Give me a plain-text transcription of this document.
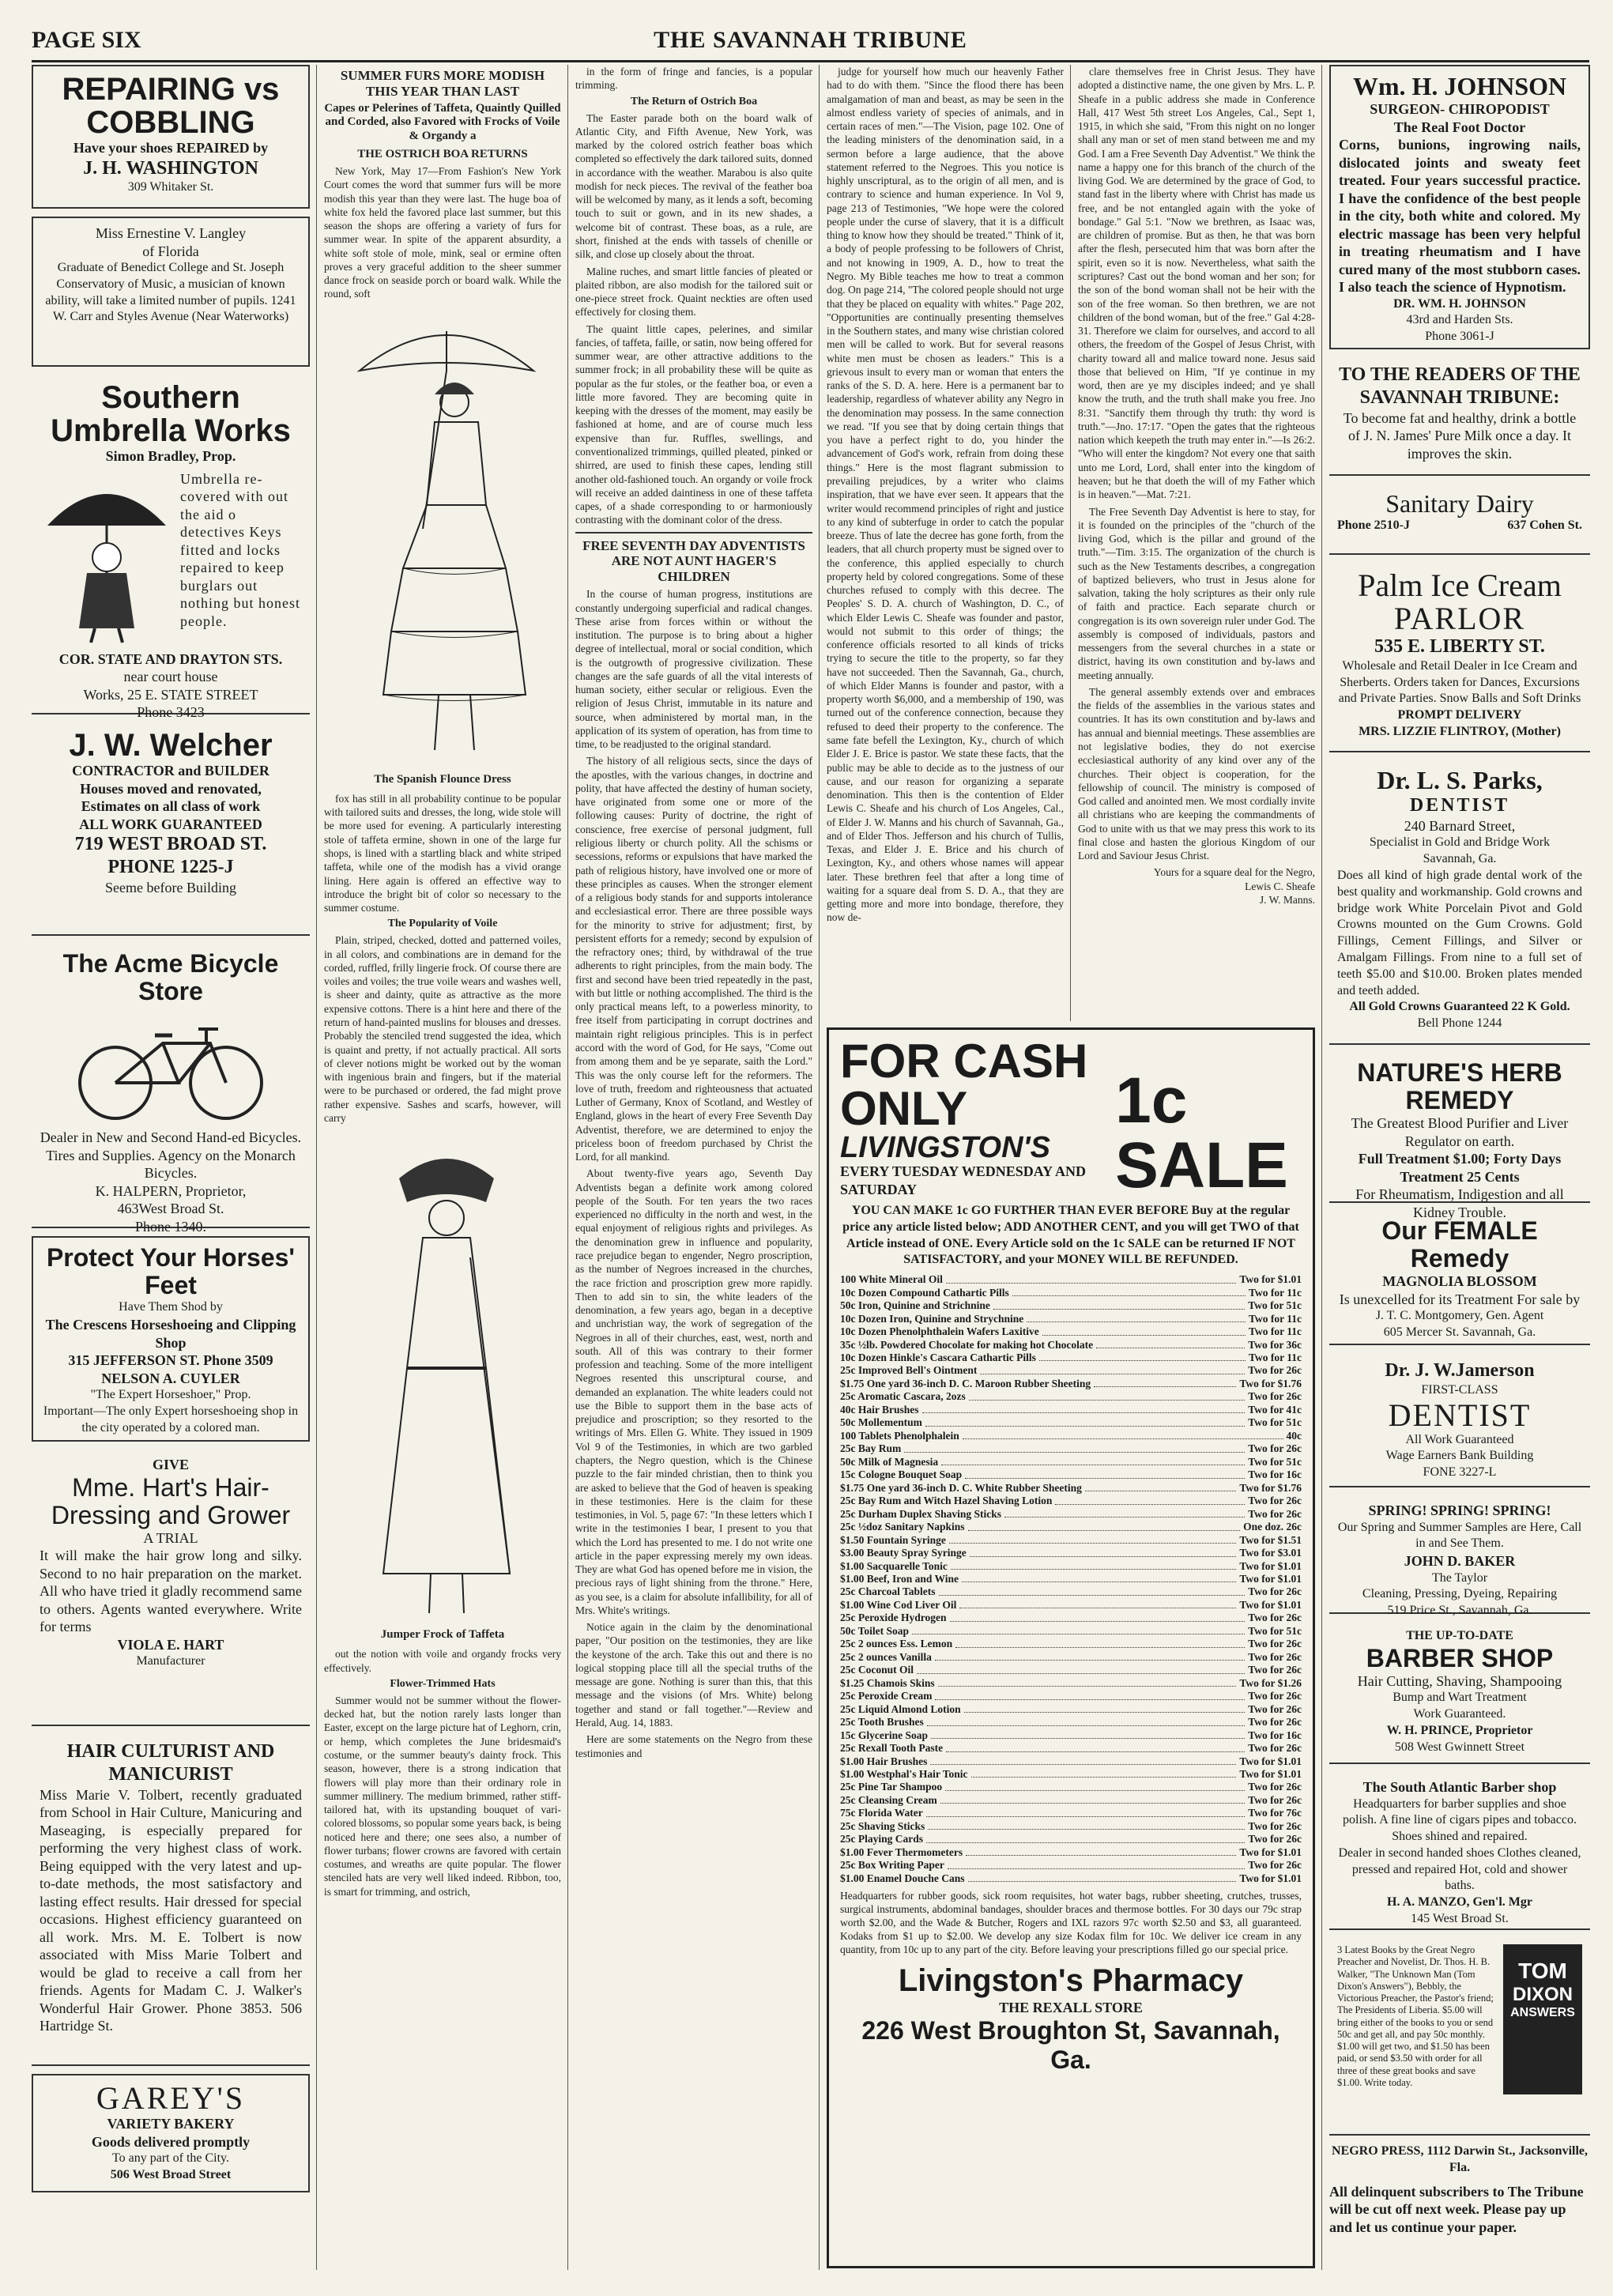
PAGE SIX	THE SAVANNAH TRIBUNE
REPAIRING vs COBBLING
Have your shoes REPAIRED by
J. H. WASHINGTON
309 Whitaker St.
Miss Ernestine V. Langley
of Florida
Graduate of Benedict College and St. Joseph Conservatory of Music, a musician of known ability, will take a limited number of pupils. 1241 W. Carr and Styles Avenue (Near Waterworks)
Southern Umbrella Works
Simon Bradley, Prop.
Umbrella re-covered with out the aid o detectives Keys fitted and locks repaired to keep burglars out nothing but honest people.
COR. STATE AND DRAYTON STS.
near court house
Works, 25 E. STATE STREET
Phone 3423
J. W. Welcher
CONTRACTOR and BUILDER
Houses moved and renovated,
Estimates on all class of work
ALL WORK GUARANTEED
719 WEST BROAD ST.
PHONE 1225-J
Seeme before Building
The Acme Bicycle Store
Dealer in New and Second Hand-ed Bicycles. Tires and Supplies. Agency on the Monarch Bicycles.
K. HALPERN, Proprietor,
463West Broad St.
Phone 1340.
Protect Your Horses' Feet
Have Them Shod by
The Crescens Horseshoeing and Clipping Shop
315 JEFFERSON ST. Phone 3509
NELSON A. CUYLER
"The Expert Horseshoer," Prop.
Important—The only Expert horseshoeing shop in the city operated by a colored man.
GIVE
Mme. Hart's Hair-Dressing and Grower
A TRIAL
It will make the hair grow long and silky. Second to no hair preparation on the market. All who have tried it gladly recommend same to others. Agents wanted everywhere. Write for terms
VIOLA E. HART
Manufacturer
HAIR CULTURIST AND MANICURIST
Miss Marie V. Tolbert, recently graduated from School in Hair Culture, Manicuring and Maseaging, is especially prepared for performing the very highest class of work. Being equipped with the very latest and up-to-date methods, the most satisfactory and lasting effect results. Hair dressed for special occasions. Highest efficiency guaranteed on all work. Mrs. M. E. Tolbert is now associated with Miss Marie Tolbert and would be glad to receive a call from her friends. Agents for Madam C. J. Walker's Wonderful Hair Grower. Phone 3853. 506 Hartridge St.
GAREY'S
VARIETY BAKERY
Goods delivered promptly
To any part of the City.
506 West Broad Street
SUMMER FURS MORE MODISH THIS YEAR THAN LAST
Capes or Pelerines of Taffeta, Quaintly Quilled and Corded, also Favored with Frocks of Voile & Organdy a
THE OSTRICH BOA RETURNS

New York, May 17—From Fashion's New York Court comes the word that summer furs will be more modish this year than they were last. The huge boa of white fox held the favored place last summer, but this season the shops are offering a variety of furs for summer wear. In spite of the apparent absurdity, a white soft stole of mole, mink, seal or ermine often proves a very graceful addition to the sheer summer dance frock on seaside porch or board walk. While the round, soft

The Spanish Flounce Dress

fox has still in all probability continue to be popular with tailored suits and dresses, the long, wide stole will be more used for evening. A particularly interesting stole of taffeta ermine, shown in one of the large fur shops, is lined with a startling black and white striped taffeta, while one of the modish has a vivid orange lining. Here again is offered an effective way to introduce the bright bit of color so necessary to the summer costume.

The Popularity of Voile

Plain, striped, checked, dotted and patterned voiles, in all colors, and combinations are in demand for the corded, ruffled, frilly lingerie frock. Of course there are voiles and voiles; the true voile wears and washes well, is sheer and dainty, quite as attractive as the more expensive cottons. There is a hint here and there of the return of hand-painted muslins for blouses and dresses. Probably the stenciled trend suggested the idea, which is quaint and pretty, if not actually practical. All sorts of clever notions might be worked out by the woman with ingenious brain and fingers, but if the material were to be purchased or ordered, the fad might prove rather expensive. Sashes and scarfs, however, will carry

Jumper Frock of Taffeta

out the notion with voile and organdy frocks very effectively.

Flower-Trimmed Hats

Summer would not be summer without the flower-decked hat, but the notion rarely lasts longer than Easter, except on the large picture hat of Leghorn, crin, or hemp, which completes the June bridesmaid's costume, or the summer beauty's dainty frock. This season, however, there is a strong indication that flowers will play more than their ordinary role in summer millinery. The medium brimmed, rather stiff-tailored hat, with its upstanding bouquet of vari-colored blossoms, so popular some years back, is being noticed here and there; one sees also, a number of flower turbans; flower crowns are favored with certain costumes, and wreaths are quite popular. The flower stenciled hats are very well liked indeed. Ribbon, too, is smart for trimming, and ostrich,

in the form of fringe and fancies, is a popular trimming.

The Return of Ostrich Boa

The Easter parade both on the board walk of Atlantic City, and Fifth Avenue, New York, was marked by the colored ostrich feather boas which completed so effectively the dark tailored suits, donned in accordance with the weather. Marabou is also quite modish for neck pieces. The revival of the feather boa will be welcomed by many, as it lends a soft, becoming touch to suit or gown, and in its new shades, a welcome bit of contrast. These boas, as a rule, are short, finished at the ends with tassels of chenille or silk, and close up closely about the throat.

Maline ruches, and smart little fancies of pleated or plaited ribbon, are also modish for the tailored suit or one-piece street frock. Quaint neckties are often used effectively for closing them.

The quaint little capes, pelerines, and similar fancies, of taffeta, faille, or satin, now being offered for summer wear, are other attractive additions to the summer frock; in all probability these will be quite as popular as the fur stoles, or the feather boa, or even a little more favored. They are becoming quite in keeping with the dresses of the moment, may easily be fashioned at home, and are of course much less expensive than fur. Ruffles, swellings, and conventionalized trimmings, quilled pleated, pinked or shirred, are used to finish these capes, lending still another old-fashioned touch. An organdy or voile frock will receive an added daintiness in one of these taffeta capes, of a shade corresponding to or harmoniously contrasting with the dominant color of the dress.

FREE SEVENTH DAY ADVENTISTS ARE NOT AUNT HAGER'S CHILDREN

In the course of human progress, institutions are constantly undergoing superficial and radical changes. These arise from forces within or without the institution. The purpose is to bring about a higher degree of intellectual, moral or social condition, which is the outgrowth of progressive civilization. These changes are the safe guards of all the vital interests of human society, either secular or religious. Even the religion of Jesus Christ, immutable in its nature and source, when administered by mortal man, in the application of its system of operation, has from time to time, to be readjusted to the original standard.

The history of all religious sects, since the days of the apostles, with the various changes, in doctrine and polity, that have affected the destiny of human society, have originated from some one or more of the following causes: Purity of doctrine, the right of conscience, free exercise of personal judgment, full religious liberty or church polity. All the schisms or secessions, reforms or expulsions that have marked the path of religious history, have involved one or more of these principles as causes. When the stronger element of a religious body stands for and supports intolerance and ecclesiastical error. There are three possible ways for the minority to strive for adjustment; first, by persistent efforts for a remedy; second by expulsion of the refractory ones; third, by withdrawal of the true adherents to right principles, from the main body. The first and second have been tried repeatedly in the past, with but little or nothing accomplished. The third is the only practical means left, to a powerless minority, to free itself from participating in corrupt doctrines and maintain right religious principles. This is in perfect accord with the word of God, for He says, "Come out from among them and be ye separate, saith the Lord." This was the only course left for the reformers. The love of truth, freedom and righteousness that actuated Luther of Germany, Knox of Scotland, and Westley of England, glows in the heart of every Free Seventh Day Adventist, therefore, we are determined to enjoy the priceless boon of freedom purchased by Christ the Lord, for all mankind.

About twenty-five years ago, Seventh Day Adventists began a definite work among colored people of the South. For ten years the two races experienced no difficulty in the north and west, in the equal enjoyment of religious rights and privileges. As the denomination grew in influence and popularity, race prejudice began to engender, Negro proscription, as the number of Negroes increased in the churches, the race friction and proscription grew more rapidly. Then to add sin to sin, the white leaders of the denomination, a few years ago, began in a deceptive and unchristian way, the work of segregation of the Negroes in all of their churches, east, west, north and south. All of this was contrary to their former profession and teaching. Some of the more intelligent Negroes resented this unscriptural course, and demanded an explanation. The white leaders could not use the Bible to support them in the base acts of prejudice and proscription; so they resorted to the writings of Mrs. Ellen G. White. They issued in 1909 Vol 9 of the Testimonies, in which are two garbled chapters, the Negro question, which is the Chinese puzzle to the fair minded christian, then to think you are asked to believe that the God of heaven is speaking in these testimonies. Here is the claim for these testimonies, in Vol. 5, page 67: "In these letters which I write in the testimonies I bear, I present to you that which the Lord has presented to me. I do not write one article in the paper expressing merely my own ideas. They are what God has opened before me in vision, the precious rays of light shining from the throne." Here, as you see, is a claim for absolute infallibility, for all of Mrs. White's writings.

Notice again in the claim by the denominational paper, "Our position on the testimonies, they are like the keystone of the arch. Take this out and there is no logical stopping place till all the special truths of the message are gone. Nothing is surer than this, that this message and the visions (of Mrs. White) belong together and stand or fall together."—Review and Herald, Aug. 14, 1883.

Here are some statements on the Negro from these testimonies and

judge for yourself how much our heavenly Father had to do with them. "Since the flood there has been amalgamation of man and beast, as may be seen in the almost endless variety of species of animals, and in certain races of men."—The Vision, page 102. One of the leading ministers of the denomination said, in a sermon before a large audience, that the above statement referred to the Negroes. This you notice is highly unscriptural, as to the origin of all men, and is contrary to science and human experience. In Vol 9, page 213 of Testimonies, "We hope were the colored people under the curse of slavery, that it is a difficult thing to know how they should be treated." Think of it, a body of people professing to be followers of Christ, and not knowing in 1909, A. D., how to treat the Negro. My Bible teaches me how to treat a common dog. On page 214, "The colored people should not urge that they be placed on equality with whites." Page 202, "Opportunities are continually presenting themselves in the Southern states, and many wise christian colored men will be called to work. But for several reasons white men must be chosen as leaders." This is a grievous insult to every man or woman that enters the ranks of the S. D. A. here. Here is a permanent bar to leadership, regardless of whatever ability any Negro in the denomination may possess. In the same connection we read. "If you see that by doing certain things that you have a perfect right to do, you hinder the advancement of God's work, refrain from doing these things." Here is the most flagrant submission to prevailing prejudices, by a writer who claims inspiration, that we have ever seen. It appears that the writer would recommend principles of right and justice to any kind of subterfuge in order to catch the popular breeze. Thus of late the decree has gone forth, from the leaders, that all church property must be signed over to the conference, this applied especially to church property held by colored congregations. Some of these churches refused to comply with this decree. The Peoples' S. D. A. church of Washington, D. C., of which Elder Lewis C. Sheafe was founder and pastor, would not submit to this order of things; the conference officials resorted to all kinds of tricks trying to secure the title to the property, so far they have not succeeded. Then the Savannah, Ga., church, of which Elder Manns is founder and pastor, with a property worth $6,000, and a membership of 190, was turned out of the conference connection, because they refused to deed their property to the conference. The same fate befell the Lexington, Ky., church of which Elder J. E. Brice is pastor. We state these facts, that the public may be able to decide as to the justness of our cause, and our reason for organizing a separate denomination. This then is the contention of Elder Lewis C. Sheafe and his church of Los Angeles, Cal., of Elder J. W. Manns and his church of Savannah, Ga., and of Elder Thos. Jefferson and his church of Tullis, Texas, and Elder J. E. Brice and his church of Lexington, Ky., and others whose names will appear later. These brethren feel that after a long time of waiting for a square deal from S. D. A., that they are getting more and more into bondage, therefore, they now de-

clare themselves free in Christ Jesus. They have adopted a distinctive name, the one given by Mrs. L. P. Sheafe in a public address she made in Conference Hall, 417 West 5th street Los Angeles, Cal., Sept 1, 1915, in which she said, "From this night on no longer shall any man or set of men stand between me and my God. I am a Free Seventh Day Adventist." We think the name a happy one for this branch of the church of the living God. We are determined by the grace of God, to stand fast in the liberty where with Christ has made us free, and be not entangled again with the yoke of bondage." Gal 5:1. "Now we brethren, as Isaac was, are children of promise. But as then, he that was born after the flesh, persecuted him that was born after the spirit, even so it is now. Nevertheless, what saith the scriptures? Cast out the bond woman and her son; for the son of the bond woman shall not be heir with the son of the free woman. So then brethren, we are not children of the bond woman, but of the free." Gal 4:28-31. Therefore we claim for ourselves, and accord to all others, the freedom of the Gospel of Jesus Christ, with charity toward all and malice toward none. Jesus said those that believed on Him, "If ye continue in my word, then are ye my disciples indeed; and ye shall know the truth, and the truth shall make you free. Jno 8:31. "Sanctify them through thy truth: thy word is truth."—Jno. 17:17. "Open the gates that the righteous nation which keepeth the truth may enter in."—Is 26:2. "Who will enter the kingdom? Not every one that saith unto me Lord, Lord, shall enter into the kingdom of heaven; but he that doeth the will of my Father which is in heaven."—Mat. 7:21.

The Free Seventh Day Adventist is here to stay, for it is founded on the principles of the "church of the living God, which is the pillar and ground of the truth."—Tim. 3:15. The organization of the church is such as the New Testaments describes, a congregation of baptized believers, who trust in Jesus alone for salvation, taking the holy scriptures as their only rule of faith and practice. Each separate church or congregation is its own sovereign ruler under God. The assembly is composed of individuals, pastors and messengers from the several churches in a state or district, having its own constitution and by-laws and meeting annually.

The general assembly extends over and embraces the fields of the assemblies in the various states and countries. It has its own constitution and by-laws and has annual and biennial meetings. These assemblies are not legislative bodies, they do not exercise ecclesiastical authority of any kind over any of the churches. Their object is cooperation, for the fellowship of council. The ministry is composed of God called and anointed men. We most cordially invite all christians who are keeping the commandments of God to unite with us that we may press this work to its final close and hasten the glorious Kingdom of our Lord and Saviour Jesus Christ.

Yours for a square deal for the Negro,
Lewis C. Sheafe
J. W. Manns.
FOR CASH ONLY
LIVINGSTON'S
EVERY TUESDAY WEDNESDAY AND SATURDAY
1c SALE
YOU CAN MAKE 1c GO FURTHER THAN EVER BEFORE Buy at the regular price any article listed below; ADD ANOTHER CENT, and you will get TWO of that Article instead of ONE. Every Article sold on the 1c SALE can be returned IF NOT SATISFACTORY, and your MONEY WILL BE REFUNDED.
100 White Mineral Oil	Two for $1.01
10c Dozen Compound Cathartic Pills	Two for 11c
50c Iron, Quinine and Strichnine	Two for 51c
10c Dozen Iron, Quinine and Strychnine	Two for 11c
10c Dozen Phenolphthalein Wafers Laxitive	Two for 11c
35c ½lb. Powdered Chocolate for making hot Chocolate	Two for 36c
10c Dozen Hinkle's Cascara Cathartic Pills	Two for 11c
25c Improved Bell's Ointment	Two for 26c
$1.75 One yard 36-inch D. C. Maroon Rubber Sheeting	Two for $1.76
25c Aromatic Cascara, 2ozs	Two for 26c
40c Hair Brushes	Two for 41c
50c Mollementum	Two for 51c
100 Tablets Phenolphalein	40c
25c Bay Rum	Two for 26c
50c Milk of Magnesia	Two for 51c
15c Cologne Bouquet Soap	Two for 16c
$1.75 One yard 36-inch D. C. White Rubber Sheeting	Two for $1.76
25c Bay Rum and Witch Hazel Shaving Lotion	Two for 26c
25c Durham Duplex Shaving Sticks	Two for 26c
25c ½doz Sanitary Napkins	One doz. 26c
$1.50 Fountain Syringe	Two for $1.51
$3.00 Beauty Spray Syringe	Two for $3.01
$1.00 Sacquarelle Tonic	Two for $1.01
$1.00 Beef, Iron and Wine	Two for $1.01
25c Charcoal Tablets	Two for 26c
$1.00 Wine Cod Liver Oil	Two for $1.01
25c Peroxide Hydrogen	Two for 26c
50c Toilet Soap	Two for 51c
25c 2 ounces Ess. Lemon	Two for 26c
25c 2 ounces Vanilla	Two for 26c
25c Coconut Oil	Two for 26c
$1.25 Chamois Skins	Two for $1.26
25c Peroxide Cream	Two for 26c
25c Liquid Almond Lotion	Two for 26c
25c Tooth Brushes	Two for 26c
15c Glycerine Soap	Two for 16c
25c Rexall Tooth Paste	Two for 26c
$1.00 Hair Brushes	Two for $1.01
$1.00 Westphal's Hair Tonic	Two for $1.01
25c Pine Tar Shampoo	Two for 26c
25c Cleansing Cream	Two for 26c
75c Florida Water	Two for 76c
25c Shaving Sticks	Two for 26c
25c Playing Cards	Two for 26c
$1.00 Fever Thermometers	Two for $1.01
25c Box Writing Paper	Two for 26c
$1.00 Enamel Douche Cans	Two for $1.01
Headquarters for rubber goods, sick room requisites, hot water bags, rubber sheeting, crutches, trusses, surgical instruments, abdominal bandages, shoulder braces and thermose bottles. For 30 days our 79c strap worth $2.00, and the Wade & Butcher, Rogers and IXL razors 97c worth $2.50 and $3, all guaranteed. Kodaks from $1 up to $2.00. We develop any size Kodax film for 10c. We deliver ice cream in any quantity, from 10c up to any part of the city. Before leaving your prescriptions filled go our special price.
Livingston's Pharmacy
THE REXALL STORE
226 West Broughton St, Savannah, Ga.
Wm. H. JOHNSON
SURGEON- CHIROPODIST
The Real Foot Doctor
Corns, bunions, ingrowing nails, dislocated joints and sweaty feet treated. Four years successful practice. I have the confidence of the best people in the city, both white and colored. My electric massage has been very helpful in treating rheumatism and I have cured many of the most stubborn cases. I also teach the science of Hypnotism.
DR. WM. H. JOHNSON
43rd and Harden Sts.
Phone 3061-J
TO THE READERS OF THE SAVANNAH TRIBUNE:
To become fat and healthy, drink a bottle of J. N. James' Pure Milk once a day. It improves the skin.
Sanitary Dairy
Phone 2510-J	637 Cohen St.
Palm Ice Cream
PARLOR
535 E. LIBERTY ST.
Wholesale and Retail Dealer in Ice Cream and Sherberts. Orders taken for Dances, Excursions and Private Parties. Snow Balls and Soft Drinks
PROMPT DELIVERY
MRS. LIZZIE FLINTROY, (Mother)
Dr. L. S. Parks,
DENTIST
240 Barnard Street,
Specialist in Gold and Bridge Work
Savannah, Ga.
Does all kind of high grade dental work of the best quality and workmanship. Gold crowns and bridge work White Porcelain Pivot and Gold Crowns mounted on the Gum Crowns. Gold Fillings, Cement Fillings, and Silver or Amalgam Fillings. From nine to a full set of teeth $5.00 and $10.00. Broken plates mended and teeth added.
All Gold Crowns Guaranteed 22 K Gold.
Bell Phone 1244
NATURE'S HERB REMEDY
The Greatest Blood Purifier and Liver Regulator on earth.
Full Treatment $1.00; Forty Days Treatment 25 Cents
For Rheumatism, Indigestion and all Kidney Trouble.
Our FEMALE Remedy
MAGNOLIA BLOSSOM
Is unexcelled for its Treatment For sale by
J. T. C. Montgomery, Gen. Agent
605 Mercer St. Savannah, Ga.
Dr. J. W.Jamerson
FIRST-CLASS
DENTIST
All Work Guaranteed
Wage Earners Bank Building
FONE 3227-L
SPRING! SPRING! SPRING!
Our Spring and Summer Samples are Here, Call in and See Them.
JOHN D. BAKER
The Taylor
Cleaning, Pressing, Dyeing, Repairing
519 Price St., Savannah, Ga.
THE UP-TO-DATE
BARBER SHOP
Hair Cutting, Shaving, Shampooing
Bump and Wart Treatment
Work Guaranteed.
W. H. PRINCE, Proprietor
508 West Gwinnett Street
The South Atlantic Barber shop
Headquarters for barber supplies and shoe polish. A fine line of cigars pipes and tobacco. Shoes shined and repaired.
Dealer in second handed shoes Clothes cleaned, pressed and repaired Hot, cold and shower baths.
H. A. MANZO, Gen'l. Mgr
145 West Broad St.
3 Latest Books by the Great Negro Preacher and Novelist, Dr. Thos. H. B. Walker, "The Unknown Man (Tom Dixon's Answers"), Bebbly, the Victorious Preacher, the Pastor's friend; The Presidents of Liberia. $5.00 will bring either of the books to you or send 50c and get all, and pay 50c monthly. $1.00 will get two, and $1.50 has been paid, or send $3.50 with order for all three of these great books and save $1.00. Write today.
TOM
DIXON
ANSWERS
NEGRO PRESS, 1112 Darwin St., Jacksonville, Fla.
All delinquent subscribers to The Tribune will be cut off next week. Please pay up and let us continue your paper.
